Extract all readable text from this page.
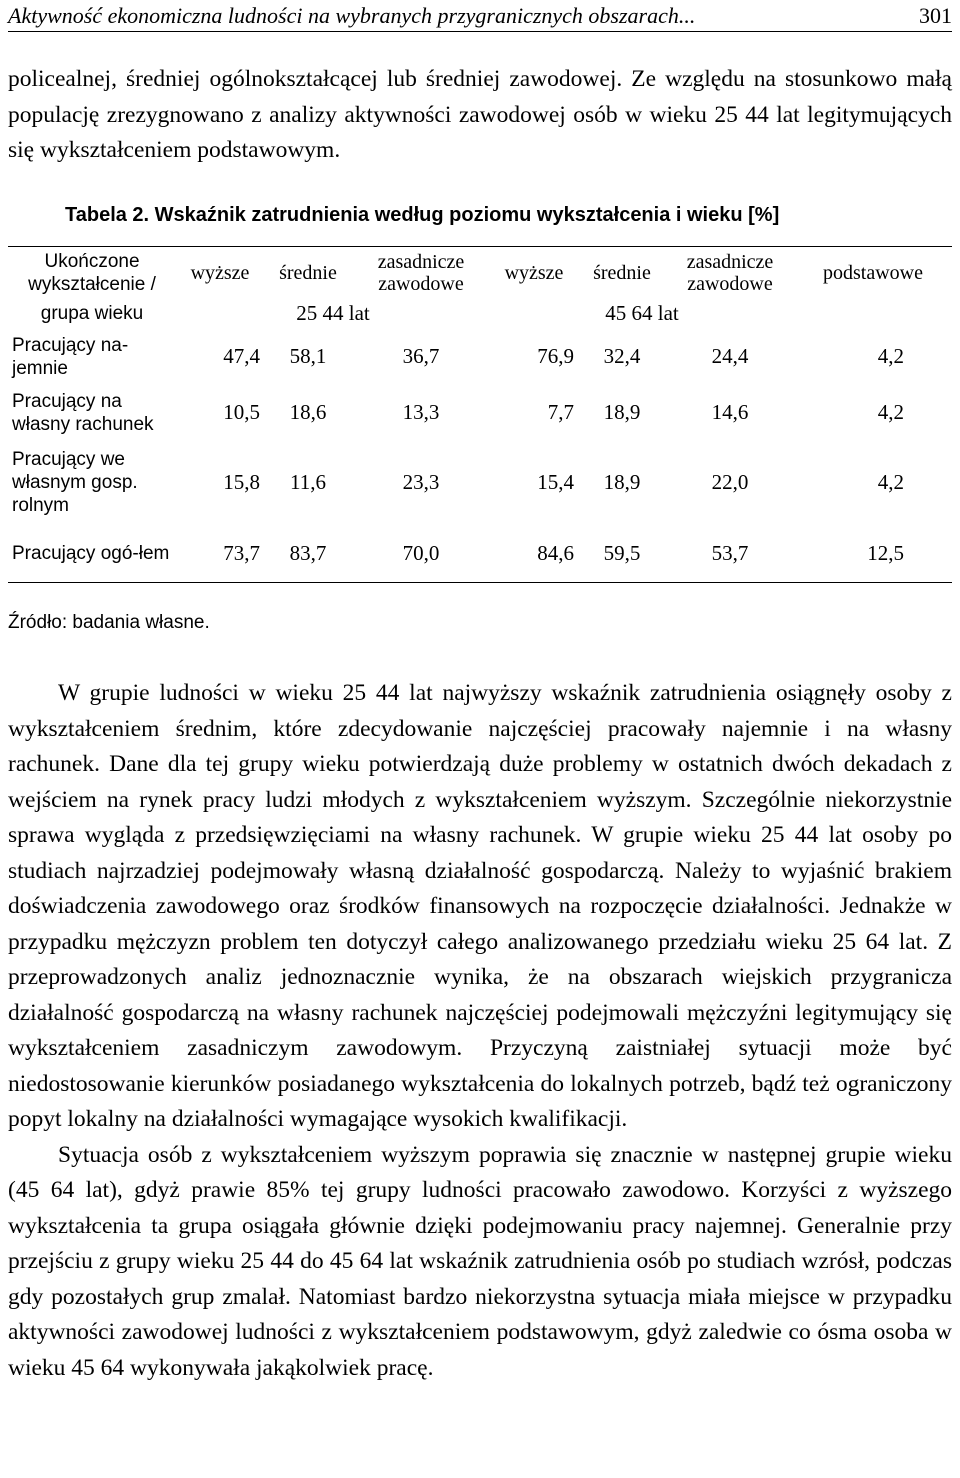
Aktywność ekonomiczna ludności na wybranych przygranicznych obszarach...	301
policealnej, średniej ogólnokształcącej lub średniej zawodowej. Ze względu na stosunkowo małą populację zrezygnowano z analizy aktywności zawodowej osób w wieku 25 44 lat legitymujących się wykształceniem podstawowym.
Tabela 2. Wskaźnik zatrudnienia według poziomu wykształcenia i wieku [%]
Ukończone wykształcenie /	wyższe	średnie	zasadnicze zawodowe	wyższe	średnie	zasadnicze zawodowe	podstawowe
grupa wieku	25 44 lat			45 64 lat			
Pracujący na-jemnie	47,4	58,1	36,7	76,9	32,4	24,4	4,2
Pracujący na własny rachunek	10,5	18,6	13,3	7,7	18,9	14,6	4,2
Pracujący we własnym gosp. rolnym	15,8	11,6	23,3	15,4	18,9	22,0	4,2
Pracujący ogó-łem	73,7	83,7	70,0	84,6	59,5	53,7	12,5
Źródło: badania własne.

W grupie ludności w wieku 25 44 lat najwyższy wskaźnik zatrudnienia osiągnęły osoby z wykształceniem średnim, które zdecydowanie najczęściej pracowały najemnie i na własny rachunek. Dane dla tej grupy wieku potwierdzają duże problemy w ostatnich dwóch dekadach z wejściem na rynek pracy ludzi młodych z wykształceniem wyższym. Szczególnie niekorzystnie sprawa wygląda z przedsięwzięciami na własny rachunek. W grupie wieku 25 44 lat osoby po studiach najrzadziej podejmowały własną działalność gospodarczą. Należy to wyjaśnić brakiem doświadczenia zawodowego oraz środków finansowych na rozpoczęcie działalności. Jednakże w przypadku mężczyzn problem ten dotyczył całego analizowanego przedziału wieku 25 64 lat. Z przeprowadzonych analiz jednoznacznie wynika, że na obszarach wiejskich przygranicza działalność gospodarczą na własny rachunek najczęściej podejmowali mężczyźni legitymujący się wykształceniem zasadniczym zawodowym. Przyczyną zaistniałej sytuacji może być niedostosowanie kierunków posiadanego wykształcenia do lokalnych potrzeb, bądź też ograniczony popyt lokalny na działalności wymagające wysokich kwalifikacji.

Sytuacja osób z wykształceniem wyższym poprawia się znacznie w następnej grupie wieku (45 64 lat), gdyż prawie 85% tej grupy ludności pracowało zawodowo. Korzyści z wyższego wykształcenia ta grupa osiągała głównie dzięki podejmowaniu pracy najemnej. Generalnie przy przejściu z grupy wieku 25 44 do 45 64 lat wskaźnik zatrudnienia osób po studiach wzrósł, podczas gdy pozostałych grup zmalał. Natomiast bardzo niekorzystna sytuacja miała miejsce w przypadku aktywności zawodowej ludności z wykształceniem podstawowym, gdyż zaledwie co ósma osoba w wieku 45 64 wykonywała jakąkolwiek pracę.
